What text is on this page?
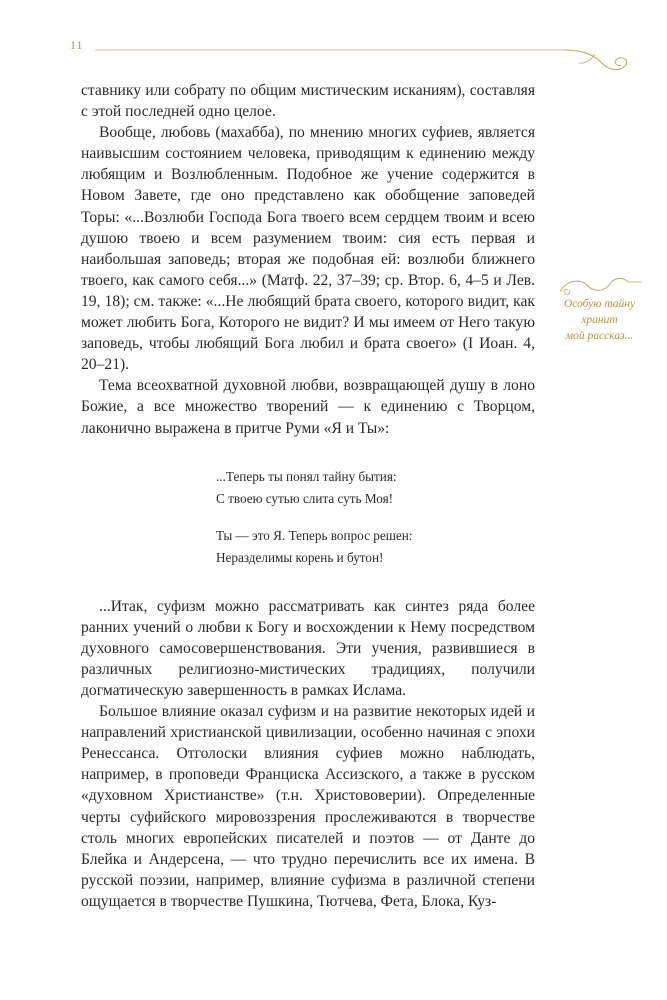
11
Особую тайну
хранит
мой рассказ...

ставнику или собрату по общим мистическим исканиям), составляя с этой последней одно целое.

Вообще, любовь (махабба), по мнению многих суфиев, является наивысшим состоянием человека, приводящим к единению между любящим и Возлюбленным. Подобное же учение содержится в Новом Завете, где оно представлено как обобщение заповедей Торы: «...Возлюби Господа Бога твоего всем сердцем твоим и всею душою твоею и всем разумением твоим: сия есть первая и наибольшая заповедь; вторая же подобная ей: возлюби ближнего твоего, как самого себя...» (Матф. 22, 37–39; ср. Втор. 6, 4–5 и Лев. 19, 18); см. также: «...Не любящий брата своего, которого видит, как может любить Бога, Которого не видит? И мы имеем от Него такую заповедь, чтобы любящий Бога любил и брата своего» (I Иоан. 4, 20–21).

Тема всеохватной духовной любви, возвращающей душу в лоно Божие, а все множество творений — к единению с Творцом, лаконично выражена в притче Руми «Я и Ты»:

...Теперь ты понял тайну бытия:
С твоею сутью слита суть Моя!
Ты — это Я. Теперь вопрос решен:
Неразделимы корень и бутон!

...Итак, суфизм можно рассматривать как синтез ряда более ранних учений о любви к Богу и восхождении к Нему посредством духовного самосовершенствования. Эти учения, развившиеся в различных религиозно-мистических традициях, получили догматическую завершенность в рамках Ислама.

Большое влияние оказал суфизм и на развитие некоторых идей и направлений христианской цивилизации, особенно начиная с эпохи Ренессанса. Отголоски влияния суфиев можно наблюдать, например, в проповеди Франциска Ассизского, а также в русском «духовном Христианстве» (т.н. Христововерии). Определенные черты суфийского мировоззрения прослеживаются в творчестве столь многих европейских писателей и поэтов — от Данте до Блейка и Андерсена, — что трудно перечислить все их имена. В русской поэзии, например, влияние суфизма в различной степени ощущается в творчестве Пушкина, Тютчева, Фета, Блока, Куз-
